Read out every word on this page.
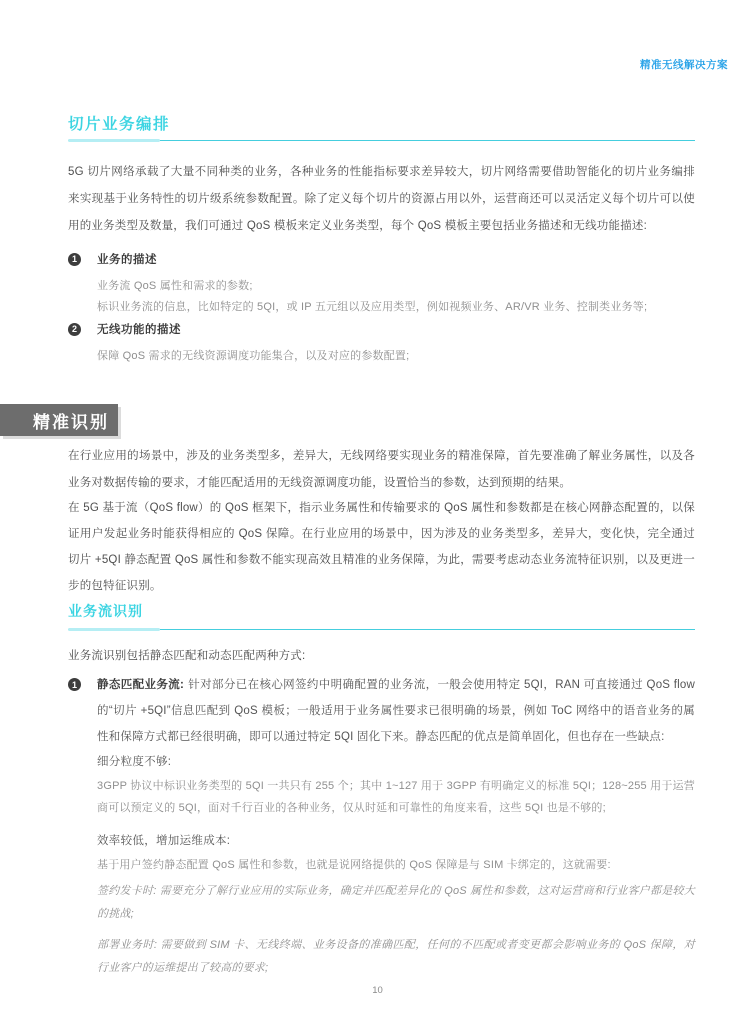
精准无线解决方案
切片业务编排
5G 切片网络承载了大量不同种类的业务，各种业务的性能指标要求差异较大，切片网络需要借助智能化的切片业务编排来实现基于业务特性的切片级系统参数配置。除了定义每个切片的资源占用以外，运营商还可以灵活定义每个切片可以使用的业务类型及数量，我们可通过 QoS 模板来定义业务类型，每个 QoS 模板主要包括业务描述和无线功能描述:
1	业务的描述
业务流 QoS 属性和需求的参数;
标识业务流的信息，比如特定的 5QI，或 IP 五元组以及应用类型，例如视频业务、AR/VR 业务、控制类业务等;
2	无线功能的描述
保障 QoS 需求的无线资源调度功能集合，以及对应的参数配置;
精准识别
在行业应用的场景中，涉及的业务类型多，差异大，无线网络要实现业务的精准保障，首先要准确了解业务属性，以及各业务对数据传输的要求，才能匹配适用的无线资源调度功能，设置恰当的参数，达到预期的结果。
在 5G 基于流（QoS flow）的 QoS 框架下，指示业务属性和传输要求的 QoS 属性和参数都是在核心网静态配置的，以保证用户发起业务时能获得相应的 QoS 保障。在行业应用的场景中，因为涉及的业务类型多，差异大，变化快，完全通过切片 +5QI 静态配置 QoS 属性和参数不能实现高效且精准的业务保障，为此，需要考虑动态业务流特征识别，以及更进一步的包特征识别。
业务流识别
业务流识别包括静态匹配和动态匹配两种方式:
1	静态匹配业务流: 针对部分已在核心网签约中明确配置的业务流，一般会使用特定 5QI，RAN 可直接通过 QoS flow 的“切片 +5QI”信息匹配到 QoS 模板；一般适用于业务属性要求已很明确的场景，例如 ToC 网络中的语音业务的属性和保障方式都已经很明确，即可以通过特定 5QI 固化下来。静态匹配的优点是简单固化，但也存在一些缺点:
细分粒度不够:
3GPP 协议中标识业务类型的 5QI 一共只有 255 个；其中 1~127 用于 3GPP 有明确定义的标准 5QI；128~255 用于运营商可以预定义的 5QI，面对千行百业的各种业务，仅从时延和可靠性的角度来看，这些 5QI 也是不够的;
效率较低，增加运维成本:
基于用户签约静态配置 QoS 属性和参数，也就是说网络提供的 QoS 保障是与 SIM 卡绑定的，这就需要:
签约发卡时: 需要充分了解行业应用的实际业务，确定并匹配差异化的 QoS 属性和参数，这对运营商和行业客户都是较大的挑战;
部署业务时: 需要做到 SIM 卡、无线终端、业务设备的准确匹配，任何的不匹配或者变更都会影响业务的 QoS 保障，对行业客户的运维提出了较高的要求;
10
